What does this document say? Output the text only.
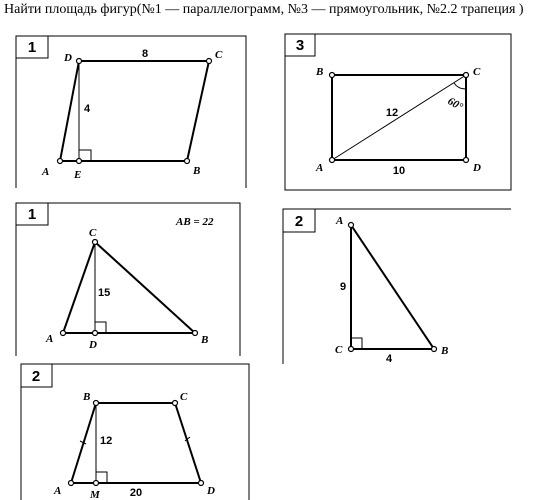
Найти площадь фигур(№1 — параллелограмм, №3 — прямоугольник, №2.2 трапеция )
1
A	B
C
D
E
8
4
3
B	C
A	D
12
10
60°
1	AB = 22
A	B
C
D
15
2	A
B
C
9
4
2
A
B	C
D
M
12
20
